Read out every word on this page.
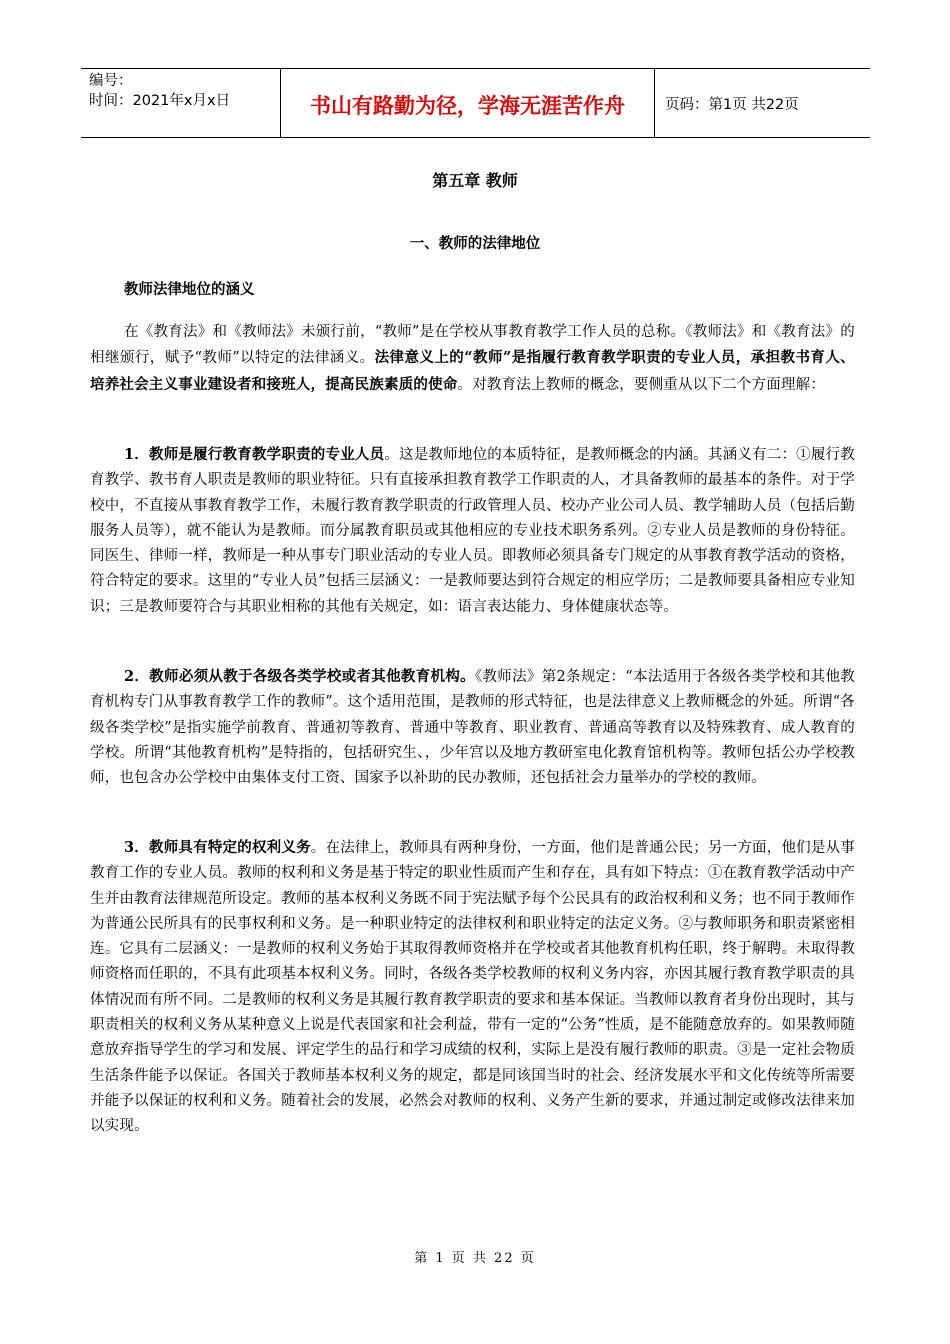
编号：
时间：2021年x月x日	书山有路勤为径，学海无涯苦作舟	页码：第1页 共22页
第五章 教师
一、教师的法律地位
教师法律地位的涵义

在《教育法》和《教师法》未颁行前，“教师”是在学校从事教育教学工作人员的总称。《教师法》和《教育法》的相继颁行，赋予“教师”以特定的法律涵义。法律意义上的“教师”是指履行教育教学职责的专业人员，承担教书育人、培养社会主义事业建设者和接班人，提高民族素质的使命。对教育法上教师的概念，要侧重从以下二个方面理解：

1．教师是履行教育教学职责的专业人员。这是教师地位的本质特征，是教师概念的内涵。其涵义有二：①履行教育教学、教书育人职责是教师的职业特征。只有直接承担教育教学工作职责的人，才具备教师的最基本的条件。对于学校中，不直接从事教育教学工作，未履行教育教学职责的行政管理人员、校办产业公司人员、教学辅助人员（包括后勤服务人员等），就不能认为是教师。而分属教育职员或其他相应的专业技术职务系列。②专业人员是教师的身份特征。同医生、律师一样，教师是一种从事专门职业活动的专业人员。即教师必须具备专门规定的从事教育教学活动的资格，符合特定的要求。这里的“专业人员”包括三层涵义：一是教师要达到符合规定的相应学历；二是教师要具备相应专业知识；三是教师要符合与其职业相称的其他有关规定，如：语言表达能力、身体健康状态等。

2．教师必须从教于各级各类学校或者其他教育机构。《教师法》第2条规定：“本法适用于各级各类学校和其他教育机构专门从事教育教学工作的教师”。这个适用范围，是教师的形式特征，也是法律意义上教师概念的外延。所谓“各级各类学校”是指实施学前教育、普通初等教育、普通中等教育、职业教育、普通高等教育以及特殊教育、成人教育的学校。所谓“其他教育机构”是特指的，包括研究生、，少年宫以及地方教研室电化教育馆机构等。教师包括公办学校教师，也包含办公学校中由集体支付工资、国家予以补助的民办教师，还包括社会力量举办的学校的教师。

3．教师具有特定的权利义务。在法律上，教师具有两种身份，一方面，他们是普通公民；另一方面，他们是从事教育工作的专业人员。教师的权利和义务是基于特定的职业性质而产生和存在，具有如下特点：①在教育教学活动中产生并由教育法律规范所设定。教师的基本权利义务既不同于宪法赋予每个公民具有的政治权利和义务；也不同于教师作为普通公民所具有的民事权利和义务。是一种职业特定的法律权利和职业特定的法定义务。②与教师职务和职责紧密相连。它具有二层涵义：一是教师的权利义务始于其取得教师资格并在学校或者其他教育机构任职，终于解聘。未取得教师资格而任职的，不具有此项基本权利义务。同时，各级各类学校教师的权利义务内容，亦因其履行教育教学职责的具体情况而有所不同。二是教师的权利义务是其履行教育教学职责的要求和基本保证。当教师以教育者身份出现时，其与职责相关的权利义务从某种意义上说是代表国家和社会利益，带有一定的“公务”性质，是不能随意放弃的。如果教师随意放弃指导学生的学习和发展、评定学生的品行和学习成绩的权利，实际上是没有履行教师的职责。③是一定社会物质生活条件能予以保证。各国关于教师基本权利义务的规定，都是同该国当时的社会、经济发展水平和文化传统等所需要并能予以保证的权利和义务。随着社会的发展，必然会对教师的权利、义务产生新的要求，并通过制定或修改法律来加以实现。

第 1 页 共 22 页
